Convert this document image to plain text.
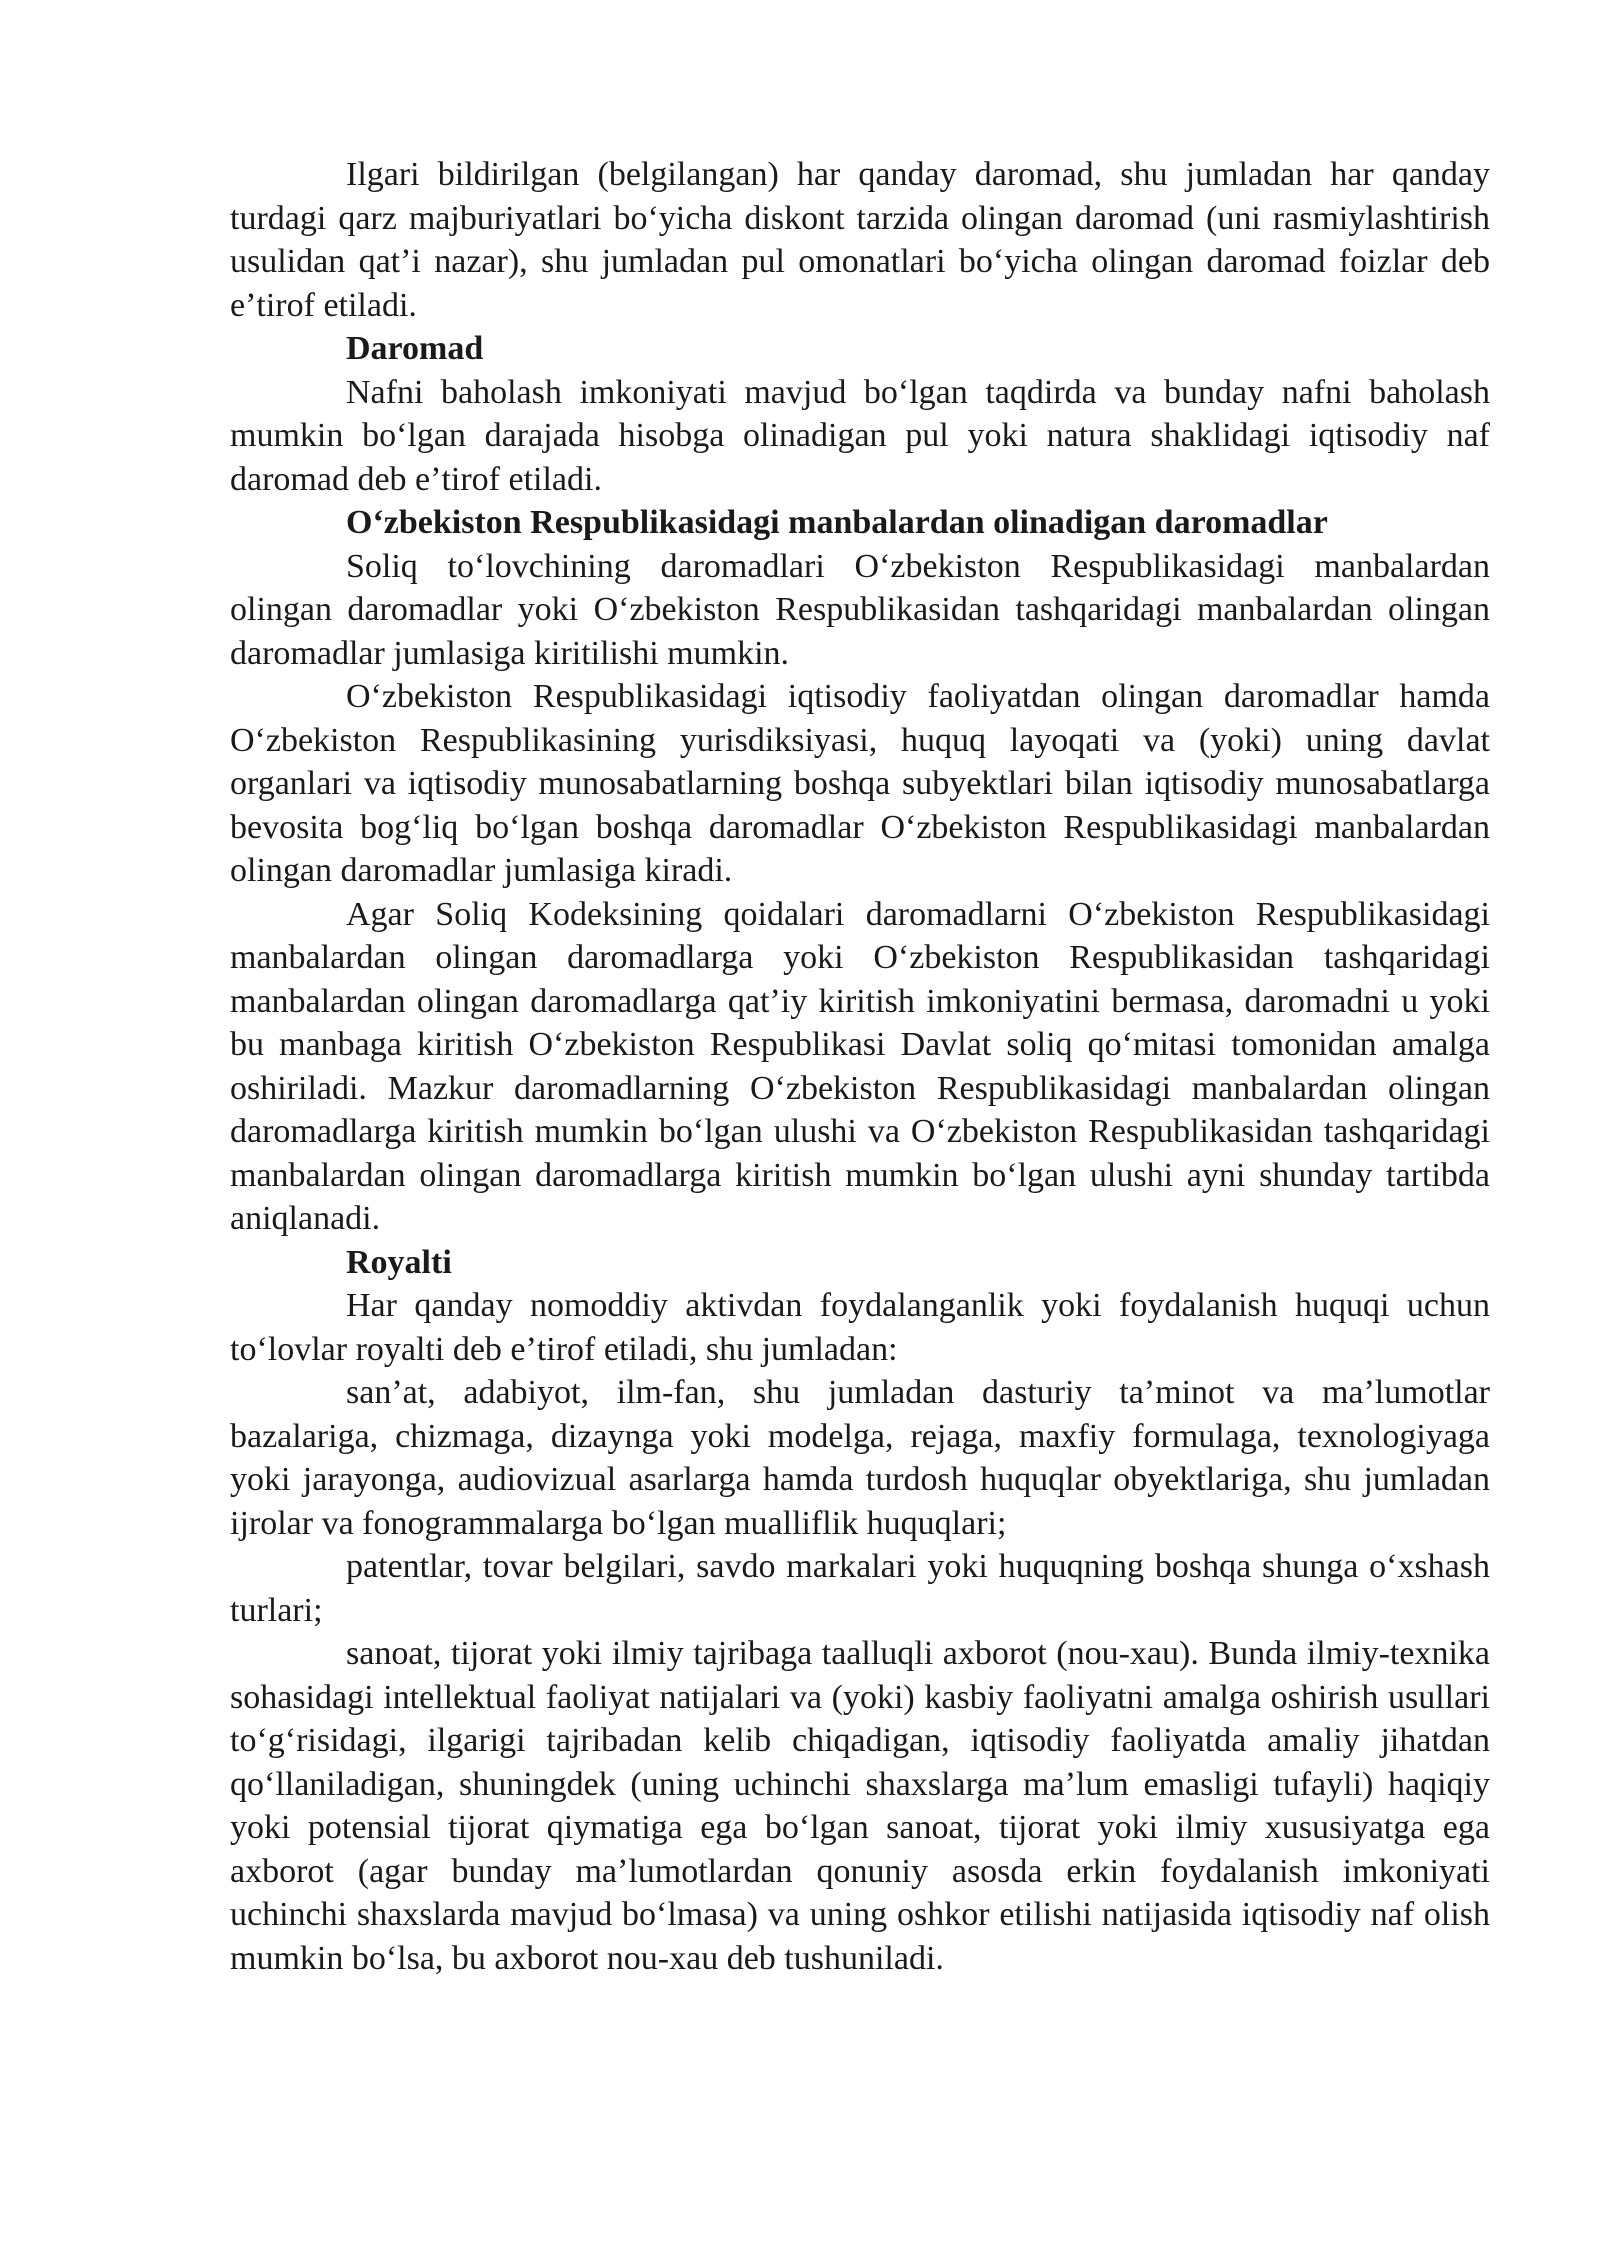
Ilgari bildirilgan (belgilangan) har qanday daromad, shu jumladan har qanday turdagi qarz majburiyatlari boʻyicha diskont tarzida olingan daromad (uni rasmiylashtirish usulidan qatʼi nazar), shu jumladan pul omonatlari boʻyicha olingan daromad foizlar deb eʼtirof etiladi.

Daromad

Nafni baholash imkoniyati mavjud boʻlgan taqdirda va bunday nafni baholash mumkin boʻlgan darajada hisobga olinadigan pul yoki natura shaklidagi iqtisodiy naf daromad deb eʼtirof etiladi.

Oʻzbekiston Respublikasidagi manbalardan olinadigan daromadlar

Soliq toʻlovchining daromadlari Oʻzbekiston Respublikasidagi manbalardan olingan daromadlar yoki Oʻzbekiston Respublikasidan tashqaridagi manbalardan olingan daromadlar jumlasiga kiritilishi mumkin.

Oʻzbekiston Respublikasidagi iqtisodiy faoliyatdan olingan daromadlar hamda Oʻzbekiston Respublikasining yurisdiksiyasi, huquq layoqati va (yoki) uning davlat organlari va iqtisodiy munosabatlarning boshqa subyektlari bilan iqtisodiy munosabatlarga bevosita bogʻliq boʻlgan boshqa daromadlar Oʻzbekiston Respublikasidagi manbalardan olingan daromadlar jumlasiga kiradi.

Agar Soliq Kodeksining qoidalari daromadlarni Oʻzbekiston Respublikasidagi manbalardan olingan daromadlarga yoki Oʻzbekiston Respublikasidan tashqaridagi manbalardan olingan daromadlarga qatʼiy kiritish imkoniyatini bermasa, daromadni u yoki bu manbaga kiritish Oʻzbekiston Respublikasi Davlat soliq qoʻmitasi tomonidan amalga oshiriladi. Mazkur daromadlarning Oʻzbekiston Respublikasidagi manbalardan olingan daromadlarga kiritish mumkin boʻlgan ulushi va Oʻzbekiston Respublikasidan tashqaridagi manbalardan olingan daromadlarga kiritish mumkin boʻlgan ulushi ayni shunday tartibda aniqlanadi.

Royalti

Har qanday nomoddiy aktivdan foydalanganlik yoki foydalanish huquqi uchun toʻlovlar royalti deb eʼtirof etiladi, shu jumladan:

sanʼat, adabiyot, ilm-fan, shu jumladan dasturiy taʼminot va maʼlumotlar bazalariga, chizmaga, dizaynga yoki modelga, rejaga, maxfiy formulaga, texnologiyaga yoki jarayonga, audiovizual asarlarga hamda turdosh huquqlar obyektlariga, shu jumladan ijrolar va fonogrammalarga boʻlgan mualliflik huquqlari;

patentlar, tovar belgilari, savdo markalari yoki huquqning boshqa shunga oʻxshash turlari;

sanoat, tijorat yoki ilmiy tajribaga taalluqli axborot (nou-xau). Bunda ilmiy-texnika sohasidagi intellektual faoliyat natijalari va (yoki) kasbiy faoliyatni amalga oshirish usullari toʻgʻrisidagi, ilgarigi tajribadan kelib chiqadigan, iqtisodiy faoliyatda amaliy jihatdan qoʻllaniladigan, shuningdek (uning uchinchi shaxslarga maʼlum emasligi tufayli) haqiqiy yoki potensial tijorat qiymatiga ega boʻlgan sanoat, tijorat yoki ilmiy xususiyatga ega axborot (agar bunday maʼlumotlardan qonuniy asosda erkin foydalanish imkoniyati uchinchi shaxslarda mavjud boʻlmasa) va uning oshkor etilishi natijasida iqtisodiy naf olish mumkin boʻlsa, bu axborot nou-xau deb tushuniladi.
